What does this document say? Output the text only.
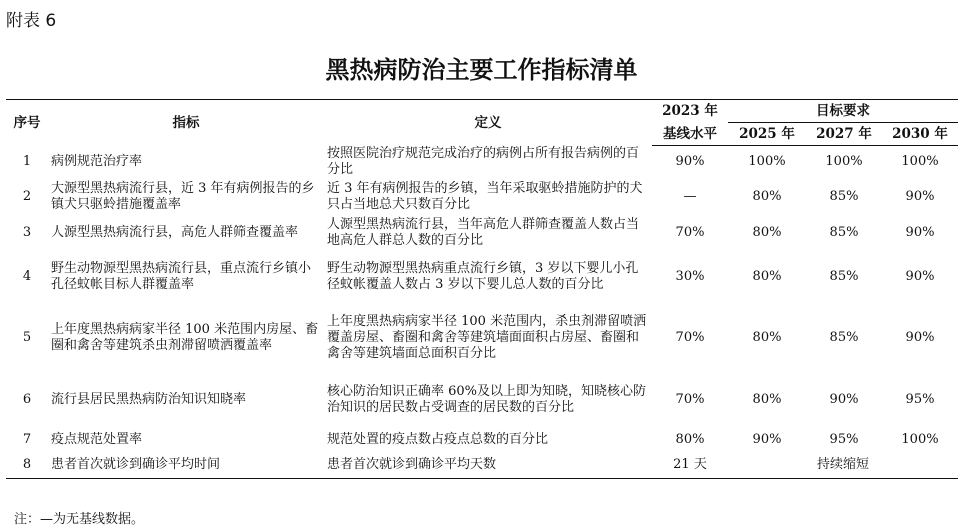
附表 6
黑热病防治主要工作指标清单
序号	指标	定义	2023 年	目标要求		
			基线水平	2025 年	2027 年	2030 年
1	病例规范治疗率	按照医院治疗规范完成治疗的病例占所有报告病例的百分比	90%	100%	100%	100%
2	大源型黑热病流行县，近 3 年有病例报告的乡镇犬只驱蛉措施覆盖率	近 3 年有病例报告的乡镇，当年采取驱蛉措施防护的犬只占当地总犬只数百分比	—	80%	85%	90%
3	人源型黑热病流行县，高危人群筛查覆盖率	人源型黑热病流行县，当年高危人群筛查覆盖人数占当地高危人群总人数的百分比	70%	80%	85%	90%
4	野生动物源型黑热病流行县，重点流行乡镇小孔径蚊帐目标人群覆盖率	野生动物源型黑热病重点流行乡镇，3 岁以下婴儿小孔径蚊帐覆盖人数占 3 岁以下婴儿总人数的百分比	30%	80%	85%	90%
5	上年度黑热病病家半径 100 米范围内房屋、畜圈和禽舍等建筑杀虫剂滞留喷洒覆盖率	上年度黑热病病家半径 100 米范围内，杀虫剂滞留喷洒覆盖房屋、畜圈和禽舍等建筑墙面面积占房屋、畜圈和禽舍等建筑墙面总面积百分比	70%	80%	85%	90%
6	流行县居民黑热病防治知识知晓率	核心防治知识正确率 60%及以上即为知晓，知晓核心防治知识的居民数占受调查的居民数的百分比	70%	80%	90%	95%
7	疫点规范处置率	规范处置的疫点数占疫点总数的百分比	80%	90%	95%	100%
8	患者首次就诊到确诊平均时间	患者首次就诊到确诊平均天数	21 天	持续缩短		
注：—为无基线数据。
